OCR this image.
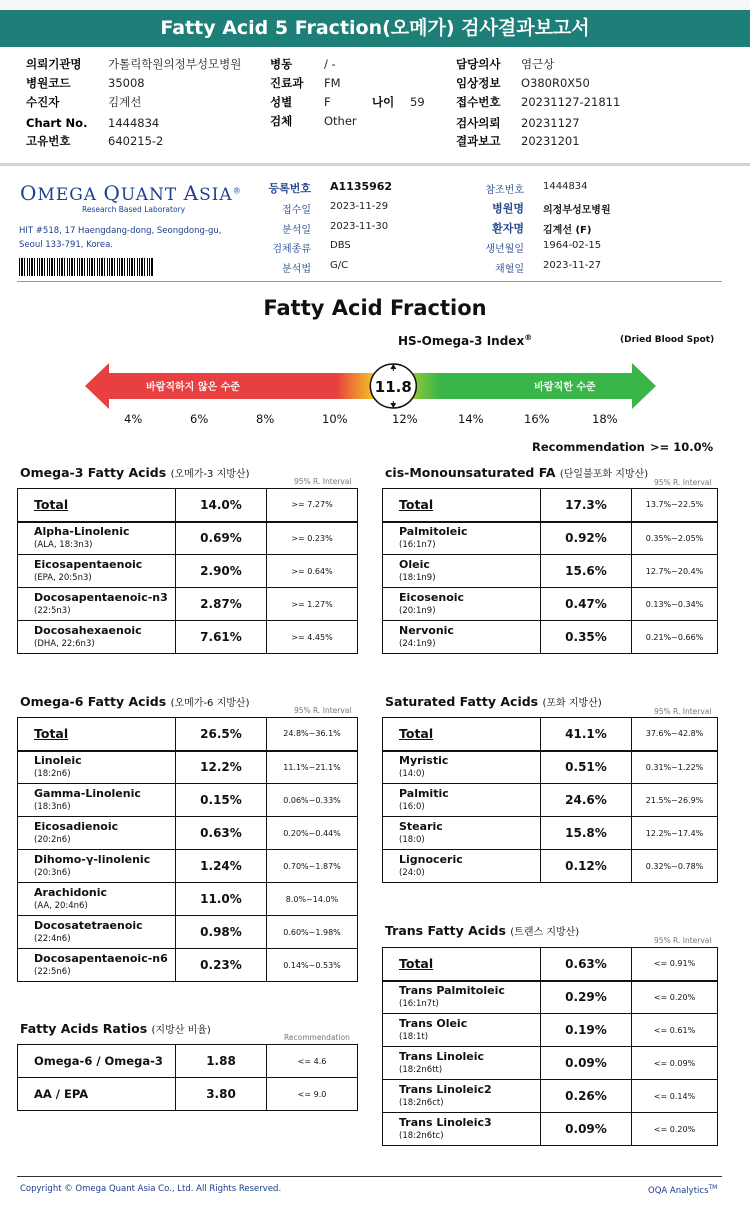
Fatty Acid 5 Fraction(오메가) 검사결과보고서
의뢰기관명 가톨릭학원의정부성모병원
병원코드	35008
수진자	김계선
Chart No. 1444834
고유번호	640215-2
병동	/ -
진료과 FM
성별	F
검체	Other
나이 59
담당의사 염근상
임상정보 O380R0X50
접수번호 20231127-21811
검사의뢰 20231127
결과보고 20231201
OMEGA QUANT ASIA®
Research Based Laboratory
HIT #518, 17 Haengdang-dong, Seongdong-gu,
Seoul 133-791, Korea.
등록번호 A1135962
접수일 2023-11-29
분석일 2023-11-30
검체종류 DBS
분석법 G/C
참조번호 1444834
병원명 의정부성모병원
환자명 김계선 (F)
생년월일 1964-02-15
채혈일 2023-11-27
Fatty Acid Fraction
HS-Omega-3 Index®	(Dried Blood Spot)
바람직하지 않은 수준	바람직한 수준
11.8
4%	6%	8%	10%	12%	14%	16%	18%
Recommendation >= 10.0%
Omega-3 Fatty Acids (오메가-3 지방산)
95% R. Interval
Total	14.0%	>= 7.27%

Alpha-Linolenic
(ALA, 18:3n3)	0.69%	>= 0.23%

Eicosapentaenoic
(EPA, 20:5n3)	2.90%	>= 0.64%

Docosapentaenoic-n3
(22:5n3)	2.87%	>= 1.27%

Docosahexaenoic
(DHA, 22:6n3)	7.61%	>= 4.45%
cis-Monounsaturated FA (단일불포화 지방산)
95% R. Interval
Total	17.3%	13.7%~22.5%

Palmitoleic
(16:1n7)	0.92%	0.35%~2.05%

Oleic
(18:1n9)	15.6%	12.7%~20.4%

Eicosenoic
(20:1n9)	0.47%	0.13%~0.34%

Nervonic
(24:1n9)	0.35%	0.21%~0.66%
Omega-6 Fatty Acids (오메가-6 지방산)
95% R. Interval
Total	26.5%	24.8%~36.1%

Linoleic
(18:2n6)	12.2%	11.1%~21.1%

Gamma-Linolenic
(18:3n6)	0.15%	0.06%~0.33%

Eicosadienoic
(20:2n6)	0.63%	0.20%~0.44%

Dihomo-γ-linolenic
(20:3n6)	1.24%	0.70%~1.87%

Arachidonic
(AA, 20:4n6)	11.0%	8.0%~14.0%

Docosatetraenoic
(22:4n6)	0.98%	0.60%~1.98%

Docosapentaenoic-n6
(22:5n6)	0.23%	0.14%~0.53%
Saturated Fatty Acids (포화 지방산)
95% R. Interval
Total	41.1%	37.6%~42.8%

Myristic
(14:0)	0.51%	0.31%~1.22%

Palmitic
(16:0)	24.6%	21.5%~26.9%

Stearic
(18:0)	15.8%	12.2%~17.4%

Lignoceric
(24:0)	0.12%	0.32%~0.78%
Trans Fatty Acids (트랜스 지방산)
95% R. Interval
Total	0.63%	<= 0.91%

Trans Palmitoleic
(16:1n7t)	0.29%	<= 0.20%

Trans Oleic
(18:1t)	0.19%	<= 0.61%

Trans Linoleic
(18:2n6tt)	0.09%	<= 0.09%

Trans Linoleic2
(18:2n6ct)	0.26%	<= 0.14%

Trans Linoleic3
(18:2n6tc)	0.09%	<= 0.20%
Fatty Acids Ratios (지방산 비율)
Recommendation
Omega-6 / Omega-3	1.88	<= 4.6
AA / EPA	3.80	<= 9.0
Copyright © Omega Quant Asia Co., Ltd. All Rights Reserved.	OQA Analytics™
